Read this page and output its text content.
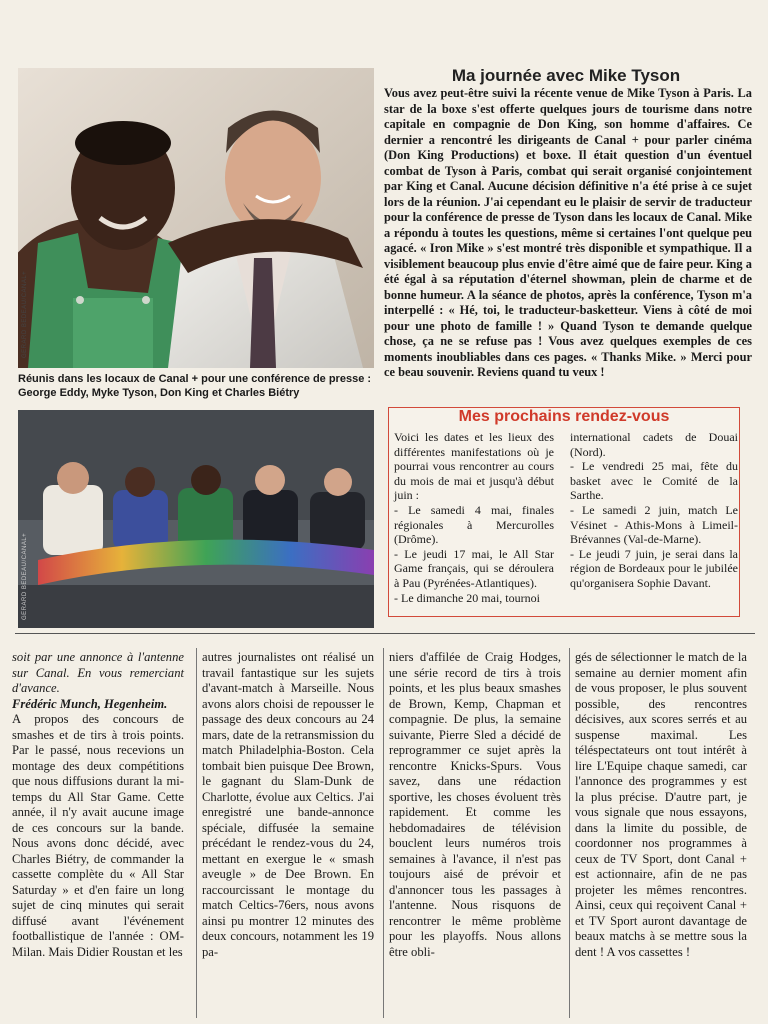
GERARD BEDEAU/CANAL+
Réunis dans les locaux de Canal + pour une conférence de presse : George Eddy, Myke Tyson, Don King et Charles Biétry
GERARD BEDEAU/CANAL+
Ma journée avec Mike Tyson
Vous avez peut-être suivi la récente venue de Mike Tyson à Paris. La star de la boxe s'est offerte quelques jours de tourisme dans notre capitale en compagnie de Don King, son homme d'affaires. Ce dernier a rencontré les dirigeants de Canal + pour parler cinéma (Don King Productions) et boxe. Il était question d'un éventuel combat de Tyson à Paris, combat qui serait organisé conjointement par King et Canal. Aucune décision définitive n'a été prise à ce sujet lors de la réunion. J'ai cependant eu le plaisir de servir de traducteur pour la conférence de presse de Tyson dans les locaux de Canal. Mike a répondu à toutes les questions, même si certaines l'ont quelque peu agacé. « Iron Mike » s'est montré très disponible et sympathique. Il a visiblement beaucoup plus envie d'être aimé que de faire peur. King a été égal à sa réputation d'éternel showman, plein de charme et de bonne humeur. A la séance de photos, après la conférence, Tyson m'a interpellé : « Hé, toi, le traducteur-basketteur. Viens à côté de moi pour une photo de famille ! » Quand Tyson te demande quelque chose, ça ne se refuse pas ! Vous avez quelques exemples de ces moments inoubliables dans ces pages. « Thanks Mike. » Merci pour ce beau souvenir. Reviens quand tu veux !
Mes prochains rendez-vous

Voici les dates et les lieux des différentes manifestations où je pourrai vous rencontrer au cours du mois de mai et jusqu'à début juin :

- Le samedi 4 mai, finales régionales à Mercurolles (Drôme).

- Le jeudi 17 mai, le All Star Game français, qui se déroulera à Pau (Pyrénées-Atlantiques).

- Le dimanche 20 mai, tournoi

international cadets de Douai (Nord).

- Le vendredi 25 mai, fête du basket avec le Comité de la Sarthe.

- Le samedi 2 juin, match Le Vésinet - Athis-Mons à Limeil-Brévannes (Val-de-Marne).

- Le jeudi 7 juin, je serai dans la région de Bordeaux pour le jubilée qu'organisera Sophie Davant.

soit par une annonce à l'antenne sur Canal. En vous remerciant d'avance.

Frédéric Munch, Hegenheim.

A propos des concours de smashes et de tirs à trois points. Par le passé, nous recevions un montage des deux compétitions que nous diffusions durant la mi-temps du All Star Game. Cette année, il n'y avait aucune image de ces concours sur la bande. Nous avons donc décidé, avec Charles Biétry, de commander la cassette complète du « All Star Saturday » et d'en faire un long sujet de cinq minutes qui serait diffusé avant l'événement footballistique de l'année : OM-Milan. Mais Didier Roustan et les

autres journalistes ont réalisé un travail fantastique sur les sujets d'avant-match à Marseille. Nous avons alors choisi de repousser le passage des deux concours au 24 mars, date de la retransmission du match Philadelphia-Boston. Cela tombait bien puisque Dee Brown, le gagnant du Slam-Dunk de Charlotte, évolue aux Celtics. J'ai enregistré une bande-annonce spéciale, diffusée la semaine précédant le rendez-vous du 24, mettant en exergue le « smash aveugle » de Dee Brown. En raccourcissant le montage du match Celtics-76ers, nous avons ainsi pu montrer 12 minutes des deux concours, notamment les 19 pa-

niers d'affilée de Craig Hodges, une série record de tirs à trois points, et les plus beaux smashes de Brown, Kemp, Chapman et compagnie. De plus, la semaine suivante, Pierre Sled a décidé de reprogrammer ce sujet après la rencontre Knicks-Spurs. Vous savez, dans une rédaction sportive, les choses évoluent très rapidement. Et comme les hebdomadaires de télévision bouclent leurs numéros trois semaines à l'avance, il n'est pas toujours aisé de prévoir et d'annoncer tous les passages à l'antenne. Nous risquons de rencontrer le même problème pour les playoffs. Nous allons être obli-

gés de sélectionner le match de la semaine au dernier moment afin de vous proposer, le plus souvent possible, des rencontres décisives, aux scores serrés et au suspense maximal. Les téléspectateurs ont tout intérêt à lire L'Equipe chaque samedi, car l'annonce des programmes y est la plus précise. D'autre part, je vous signale que nous essayons, dans la limite du possible, de coordonner nos programmes à ceux de TV Sport, dont Canal + est actionnaire, afin de ne pas projeter les mêmes rencontres. Ainsi, ceux qui reçoivent Canal + et TV Sport auront davantage de beaux matchs à se mettre sous la dent ! A vos cassettes !
